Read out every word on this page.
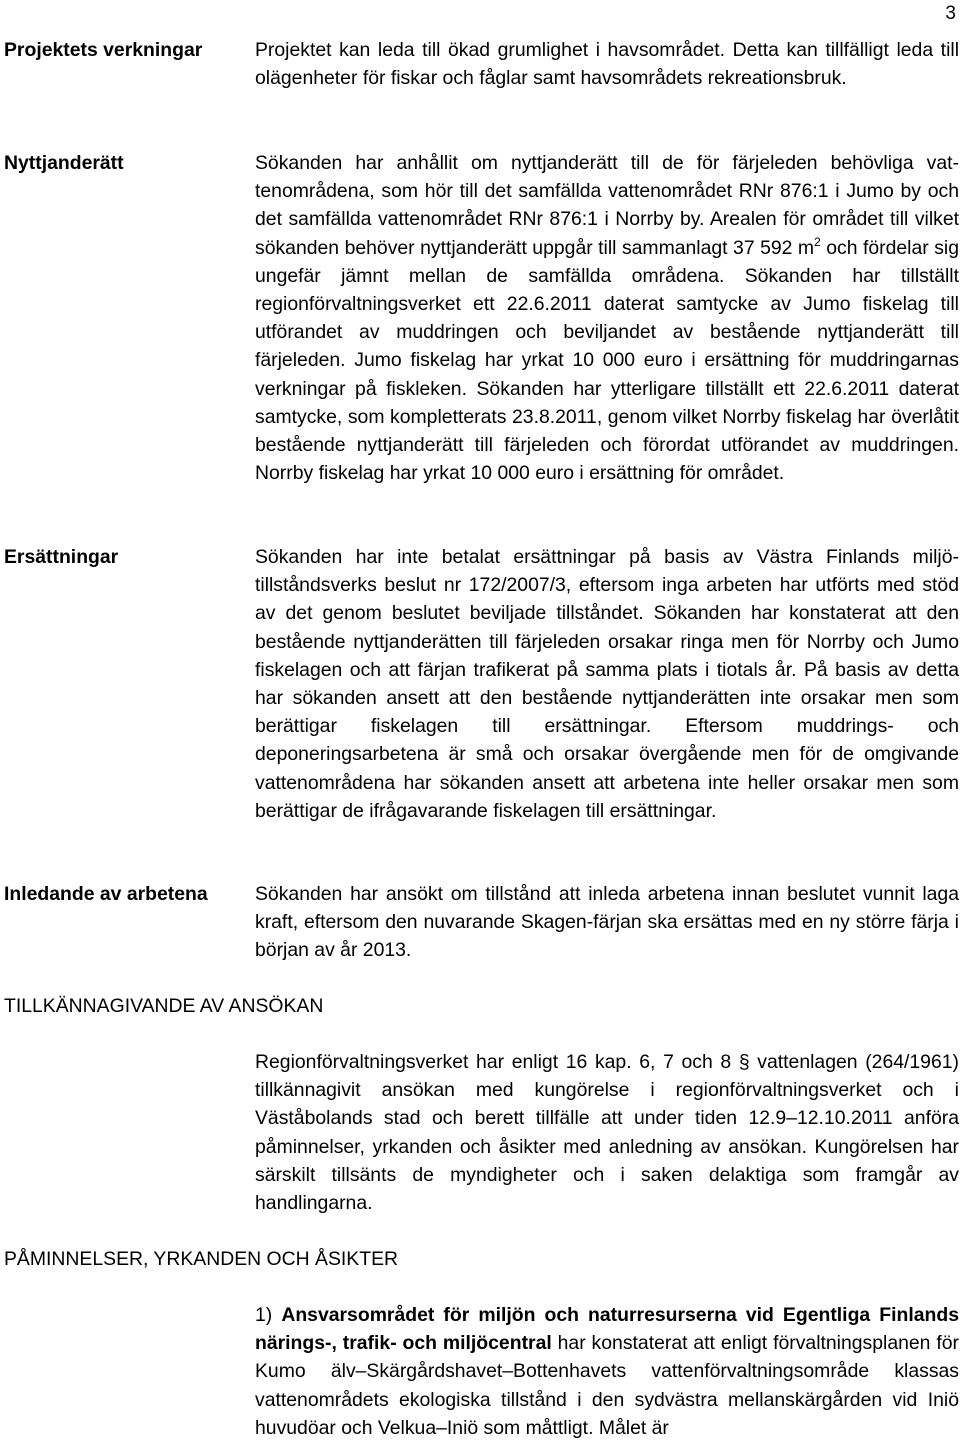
3
Projektets verkningar	Projektet kan leda till ökad grumlighet i havsområdet. Detta kan tillfälligt leda till olägenheter för fiskar och fåglar samt havsområdets rekreationsbruk.

Nyttjanderätt	Sökanden har anhållit om nyttjanderätt till de för färjeleden behövliga vattenområdena, som hör till det samfällda vattenområdet RNr 876:1 i Jumo by och det samfällda vattenområdet RNr 876:1 i Norrby by. Arealen för området till vilket sökanden behöver nyttjanderätt uppgår till sammanlagt 37 592 $m^2$ och fördelar sig ungefär jämnt mellan de samfällda områdena. Sökanden har tillställt regionförvaltningsverket ett 22.6.2011 daterat samtycke av Jumo fiskelag till utförandet av muddringen och beviljandet av bestående nyttjanderätt till färjeleden. Jumo fiskelag har yrkat 10 000 euro i ersättning för muddringarnas verkningar på fiskleken. Sökanden har ytterligare tillställt ett 22.6.2011 daterat samtycke, som kompletterats 23.8.2011, genom vilket Norrby fiskelag har överlåtit bestående nyttjanderätt till färjeleden och förordat utförandet av muddringen. Norrby fiskelag har yrkat 10 000 euro i ersättning för området.

Ersättningar	Sökanden har inte betalat ersättningar på basis av Västra Finlands miljötillståndsverks beslut nr 172/2007/3, eftersom inga arbeten har utförts med stöd av det genom beslutet beviljade tillståndet. Sökanden har konstaterat att den bestående nyttjanderätten till färjeleden orsakar ringa men för Norrby och Jumo fiskelagen och att färjan trafikerat på samma plats i tiotals år. På basis av detta har sökanden ansett att den bestående nyttjanderätten inte orsakar men som berättigar fiskelagen till ersättningar. Eftersom muddrings- och deponeringsarbetena är små och orsakar övergående men för de omgivande vattenområdena har sökanden ansett att arbetena inte heller orsakar men som berättigar de ifrågavarande fiskelagen till ersättningar.

Inledande av arbetena	Sökanden har ansökt om tillstånd att inleda arbetena innan beslutet vunnit laga kraft, eftersom den nuvarande Skagen-färjan ska ersättas med en ny större färja i början av år 2013.

TILLKÄNNAGIVANDE AV ANSÖKAN

Regionförvaltningsverket har enligt 16 kap. 6, 7 och 8 § vattenlagen (264/1961) tillkännagivit ansökan med kungörelse i regionförvaltningsverket och i Väståbolands stad och berett tillfälle att under tiden 12.9–12.10.2011 anföra påminnelser, yrkanden och åsikter med anledning av ansökan. Kungörelsen har särskilt tillsänts de myndigheter och i saken delaktiga som framgår av handlingarna.

PÅMINNELSER, YRKANDEN OCH ÅSIKTER

1) Ansvarsområdet för miljön och naturresurserna vid Egentliga Finlands närings-, trafik- och miljöcentral har konstaterat att enligt förvaltningsplanen för Kumo älv–Skärgårdshavet–Bottenhavets vattenförvaltningsområde klassas vattenområdets ekologiska tillstånd i den sydvästra mellanskärgården vid Iniö huvudöar och Velkua–Iniö som måttligt. Målet är
